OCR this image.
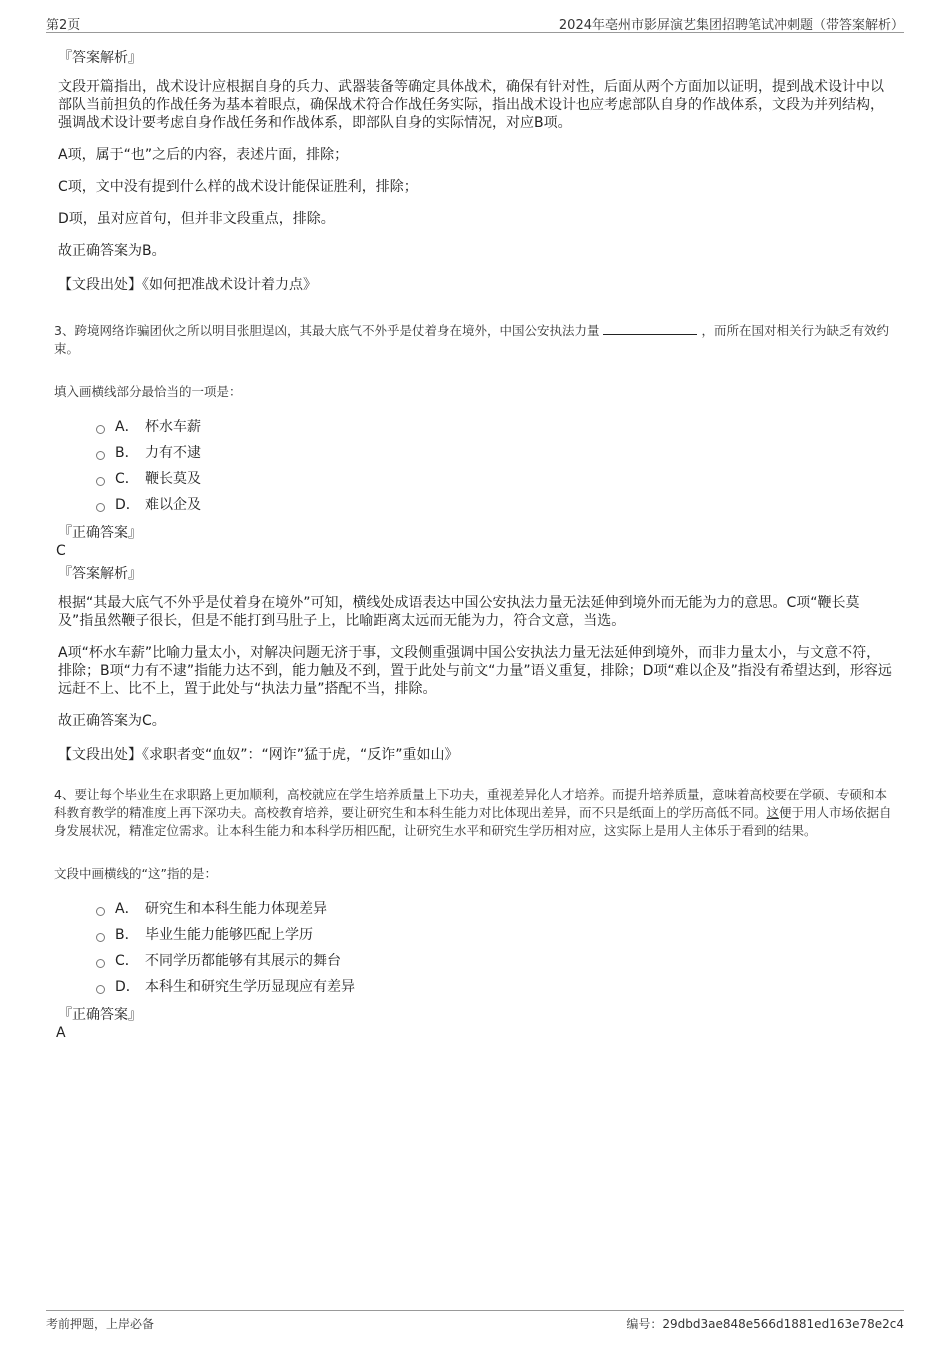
第2页	2024年亳州市影屏演艺集团招聘笔试冲刺题（带答案解析）
『答案解析』

文段开篇指出，战术设计应根据自身的兵力、武器装备等确定具体战术，确保有针对性，后面从两个方面加以证明，提到战术设计中以部队当前担负的作战任务为基本着眼点，确保战术符合作战任务实际，指出战术设计也应考虑部队自身的作战体系，文段为并列结构，强调战术设计要考虑自身作战任务和作战体系，即部队自身的实际情况，对应B项。

A项，属于“也”之后的内容，表述片面，排除；

C项，文中没有提到什么样的战术设计能保证胜利，排除；

D项，虽对应首句，但并非文段重点，排除。

故正确答案为B。

【文段出处】《如何把准战术设计着力点》

3、跨境网络诈骗团伙之所以明目张胆逞凶，其最大底气不外乎是仗着身在境外，中国公安执法力量	，而所在国对相关行为缺乏有效约束。

填入画横线部分最恰当的一项是：

A． 杯水车薪
B． 力有不逮
C． 鞭长莫及
D． 难以企及
『正确答案』
C
『答案解析』

根据“其最大底气不外乎是仗着身在境外”可知，横线处成语表达中国公安执法力量无法延伸到境外而无能为力的意思。C项“鞭长莫及”指虽然鞭子很长，但是不能打到马肚子上，比喻距离太远而无能为力，符合文意，当选。

A项“杯水车薪”比喻力量太小，对解决问题无济于事，文段侧重强调中国公安执法力量无法延伸到境外，而非力量太小，与文意不符，排除；B项“力有不逮”指能力达不到，能力触及不到，置于此处与前文“力量”语义重复，排除；D项“难以企及”指没有希望达到，形容远远赶不上、比不上，置于此处与“执法力量”搭配不当，排除。

故正确答案为C。

【文段出处】《求职者变“血奴”：“网诈”猛于虎，“反诈”重如山》

4、要让每个毕业生在求职路上更加顺利，高校就应在学生培养质量上下功夫，重视差异化人才培养。而提升培养质量，意味着高校要在学硕、专硕和本科教育教学的精准度上再下深功夫。高校教育培养，要让研究生和本科生能力对比体现出差异，而不只是纸面上的学历高低不同。这便于用人市场依据自身发展状况，精准定位需求。让本科生能力和本科学历相匹配，让研究生水平和研究生学历相对应，这实际上是用人主体乐于看到的结果。

文段中画横线的“这”指的是：

A． 研究生和本科生能力体现差异
B． 毕业生能力能够匹配上学历
C． 不同学历都能够有其展示的舞台
D． 本科生和研究生学历显现应有差异
『正确答案』
A
考前押题，上岸必备	编号：29dbd3ae848e566d1881ed163e78e2c4
